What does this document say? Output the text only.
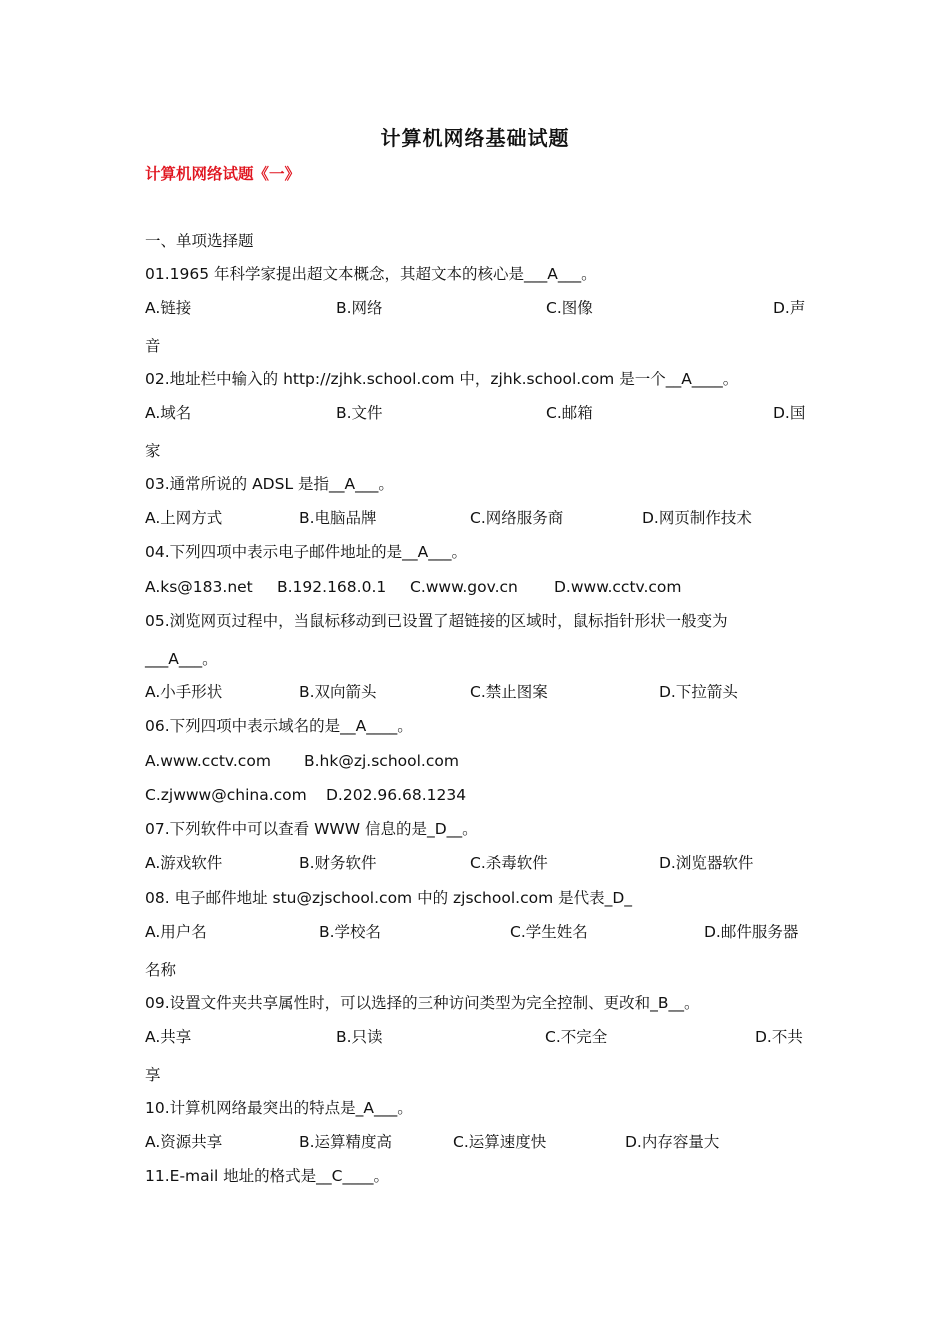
计算机网络基础试题
计算机网络试题《一》
一、单项选择题
01.1965 年科学家提出超文本概念，其超文本的核心是___A___。
A.链接	B.网络	C.图像	D.声
音
02.地址栏中输入的 http://zjhk.school.com 中，zjhk.school.com 是一个__A____。
A.域名	B.文件	C.邮箱	D.国
家
03.通常所说的 ADSL 是指__A___。
A.上网方式	B.电脑品牌	C.网络服务商	D.网页制作技术
04.下列四项中表示电子邮件地址的是__A___。
A.ks@183.net B.192.168.0.1 C.www.gov.cn D.www.cctv.com
05.浏览网页过程中，当鼠标移动到已设置了超链接的区域时，鼠标指针形状一般变为
___A___。
A.小手形状	B.双向箭头	C.禁止图案	D.下拉箭头
06.下列四项中表示域名的是__A____。
A.www.cctv.com B.hk@zj.school.com
C.zjwww@china.com D.202.96.68.1234
07.下列软件中可以查看 WWW 信息的是_D__。
A.游戏软件	B.财务软件	C.杀毒软件	D.浏览器软件
08. 电子邮件地址 stu@zjschool.com 中的 zjschool.com 是代表_D_
A.用户名	B.学校名	C.学生姓名	D.邮件服务器
名称
09.设置文件夹共享属性时，可以选择的三种访问类型为完全控制、更改和_B__。
A.共享	B.只读	C.不完全	D.不共
享
10.计算机网络最突出的特点是_A___。
A.资源共享	B.运算精度高	C.运算速度快	D.内存容量大
11.E-mail 地址的格式是__C____。
